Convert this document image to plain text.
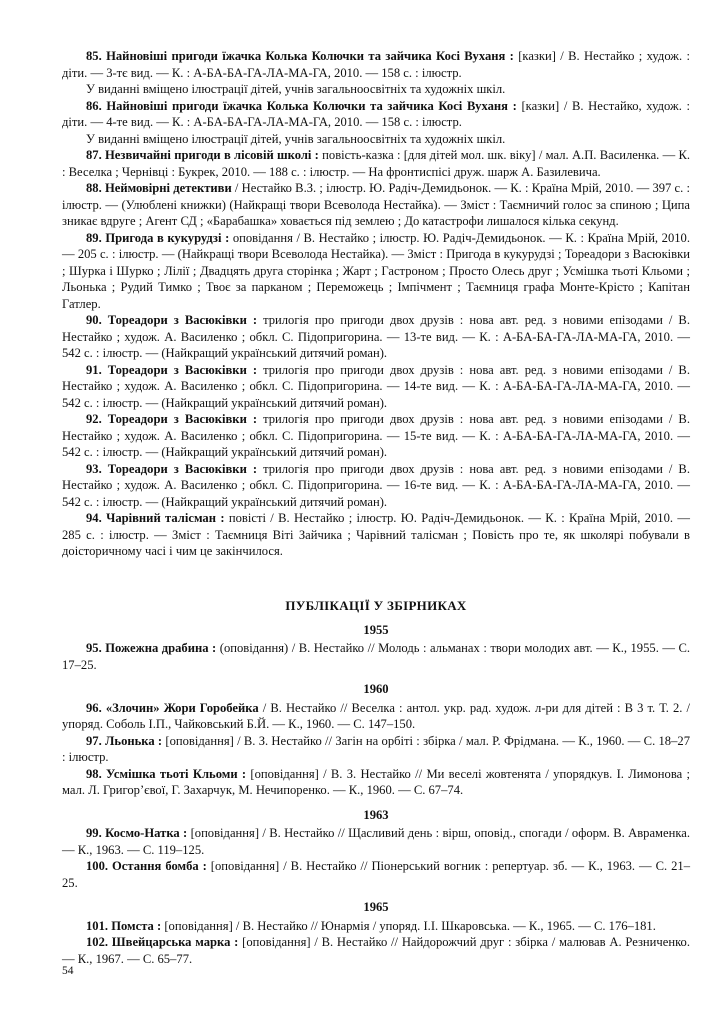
85. Найновіші пригоди їжачка Колька Колючки та зайчика Косі Вуханя : [казки] / В. Нестайко ; худож. : діти. — 3-тє вид. — К. : А-БА-БА-ГА-ЛА-МА-ГА, 2010. — 158 с. : ілюстр.

У виданні вміщено ілюстрації дітей, учнів загальноосвітніх та художніх шкіл.

86. Найновіші пригоди їжачка Колька Колючки та зайчика Косі Вуханя : [казки] / В. Нестайко, худож. : діти. — 4-те вид. — К. : А-БА-БА-ГА-ЛА-МА-ГА, 2010. — 158 с. : ілюстр.

У виданні вміщено ілюстрації дітей, учнів загальноосвітніх та художніх шкіл.

87. Незвичайні пригоди в лісовій школі : повість-казка : [для дітей мол. шк. віку] / мал. А.П. Василенка. — К. : Веселка ; Чернівці : Букрек, 2010. — 188 с. : ілюстр. — На фронтиспісі друж. шарж А. Базилевича.

88. Неймовірні детективи / Нестайко В.З. ; ілюстр. Ю. Радіч-Демидьонок. — К. : Країна Мрій, 2010. — 397 с. : ілюстр. — (Улюблені книжки) (Найкращі твори Всеволода Нестайка). — Зміст : Таємничий голос за спиною ; Ципа зникає вдруге ; Агент СД ; «Барабашка» ховається під землею ; До катастрофи лишалося кілька секунд.

89. Пригода в кукурудзі : оповідання / В. Нестайко ; ілюстр. Ю. Радіч-Демидьонок. — К. : Країна Мрій, 2010. — 205 с. : ілюстр. — (Найкращі твори Всеволода Нестайка). — Зміст : Пригода в кукурудзі ; Тореадори з Васюківки ; Шурка і Шурко ; Лілії ; Двадцять друга сторінка ; Жарт ; Гастроном ; Просто Олесь друг ; Усмішка тьоті Кльоми ; Льонька ; Рудий Тимко ; Твоє за парканом ; Переможець ; Імпічмент ; Таємниця графа Монте-Крісто ; Капітан Гатлер.

90. Тореадори з Васюківки : трилогія про пригоди двох друзів : нова авт. ред. з новими епізодами / В. Нестайко ; худож. А. Василенко ; обкл. С. Підопригорина. — 13-те вид. — К. : А-БА-БА-ГА-ЛА-МА-ГА, 2010. — 542 с. : ілюстр. — (Найкращий український дитячий роман).

91. Тореадори з Васюківки : трилогія про пригоди двох друзів : нова авт. ред. з новими епізодами / В. Нестайко ; худож. А. Василенко ; обкл. С. Підопригорина. — 14-те вид. — К. : А-БА-БА-ГА-ЛА-МА-ГА, 2010. — 542 с. : ілюстр. — (Найкращий український дитячий роман).

92. Тореадори з Васюківки : трилогія про пригоди двох друзів : нова авт. ред. з новими епізодами / В. Нестайко ; худож. А. Василенко ; обкл. С. Підопригорина. — 15-те вид. — К. : А-БА-БА-ГА-ЛА-МА-ГА, 2010. — 542 с. : ілюстр. — (Найкращий український дитячий роман).

93. Тореадори з Васюківки : трилогія про пригоди двох друзів : нова авт. ред. з новими епізодами / В. Нестайко ; худож. А. Василенко ; обкл. С. Підопригорина. — 16-те вид. — К. : А-БА-БА-ГА-ЛА-МА-ГА, 2010. — 542 с. : ілюстр. — (Найкращий український дитячий роман).

94. Чарівний талісман : повісті / В. Нестайко ; ілюстр. Ю. Радіч-Демидьонок. — К. : Країна Мрій, 2010. — 285 с. : ілюстр. — Зміст : Таємниця Віті Зайчика ; Чарівний талісман ; Повість про те, як школярі побували в доісторичному часі і чим це закінчилося.

ПУБЛІКАЦІЇ У ЗБІРНИКАХ
1955

95. Пожежна драбина : (оповідання) / В. Нестайко // Молодь : альманах : твори молодих авт. — К., 1955. — С. 17–25.

1960

96. «Злочин» Жори Горобейка / В. Нестайко // Веселка : антол. укр. рад. худож. л-ри для дітей : В 3 т. Т. 2. / упоряд. Соболь І.П., Чайковський Б.Й. — К., 1960. — С. 147–150.

97. Льонька : [оповідання] / В. З. Нестайко // Загін на орбіті : збірка / мал. Р. Фрідмана. — К., 1960. — С. 18–27 : ілюстр.

98. Усмішка тьоті Кльоми : [оповідання] / В. З. Нестайко // Ми веселі жовтенята / упорядкув. І. Лимонова ; мал. Л. Григор’євої, Г. Захарчук, М. Нечипоренко. — К., 1960. — С. 67–74.

1963

99. Космо-Натка : [оповідання] / В. Нестайко // Щасливий день : вірш, оповід., спогади / оформ. В. Авраменка. — К., 1963. — С. 119–125.

100. Остання бомба : [оповідання] / В. Нестайко // Піонерський вогник : репертуар. зб. — К., 1963. — С. 21–25.

1965

101. Помста : [оповідання] / В. Нестайко // Юнармія / упоряд. І.І. Шкаровська. — К., 1965. — С. 176–181.

102. Швейцарська марка : [оповідання] / В. Нестайко // Найдорожчий друг : збірка / малював А. Резниченко. — К., 1967. — С. 65–77.

54
